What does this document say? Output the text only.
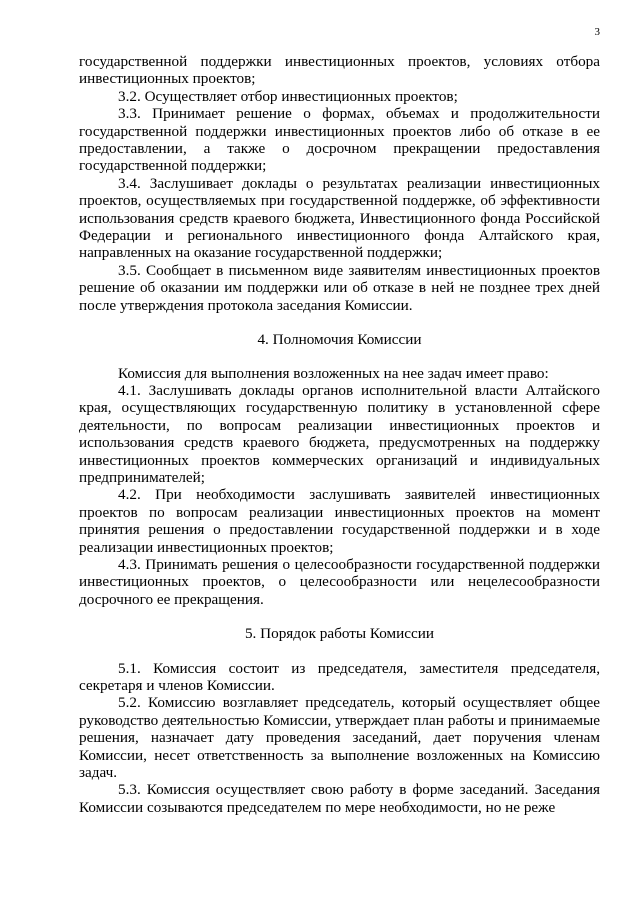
3

государственной поддержки инвестиционных проектов, условиях отбора инвестиционных проектов;

3.2. Осуществляет отбор инвестиционных проектов;

3.3. Принимает решение о формах, объемах и продолжительности государственной поддержки инвестиционных проектов либо об отказе в ее предоставлении, а также о досрочном прекращении предоставления государственной поддержки;

3.4. Заслушивает доклады о результатах реализации инвестиционных проектов, осуществляемых при государственной поддержке, об эффективности использования средств краевого бюджета, Инвестиционного фонда Российской Федерации и регионального инвестиционного фонда Алтайского края, направленных на оказание государственной поддержки;

3.5. Сообщает в письменном виде заявителям инвестиционных проектов решение об оказании им поддержки или об отказе в ней не позднее трех дней после утверждения протокола заседания Комиссии.

4. Полномочия Комиссии

Комиссия для выполнения возложенных на нее задач имеет право:

4.1. Заслушивать доклады органов исполнительной власти Алтайского края, осуществляющих государственную политику в установленной сфере деятельности, по вопросам реализации инвестиционных проектов и использования средств краевого бюджета, предусмотренных на поддержку инвестиционных проектов коммерческих организаций и индивидуальных предпринимателей;

4.2. При необходимости заслушивать заявителей инвестиционных проектов по вопросам реализации инвестиционных проектов на момент принятия решения о предоставлении государственной поддержки и в ходе реализации инвестиционных проектов;

4.3. Принимать решения о целесообразности государственной поддержки инвестиционных проектов, о целесообразности или нецелесообразности досрочного ее прекращения.

5. Порядок работы Комиссии

5.1. Комиссия состоит из председателя, заместителя председателя, секретаря и членов Комиссии.

5.2. Комиссию возглавляет председатель, который осуществляет общее руководство деятельностью Комиссии, утверждает план работы и принимаемые решения, назначает дату проведения заседаний, дает поручения членам Комиссии, несет ответственность за выполнение возложенных на Комиссию задач.

5.3. Комиссия осуществляет свою работу в форме заседаний. Заседания Комиссии созываются председателем по мере необходимости, но не реже
